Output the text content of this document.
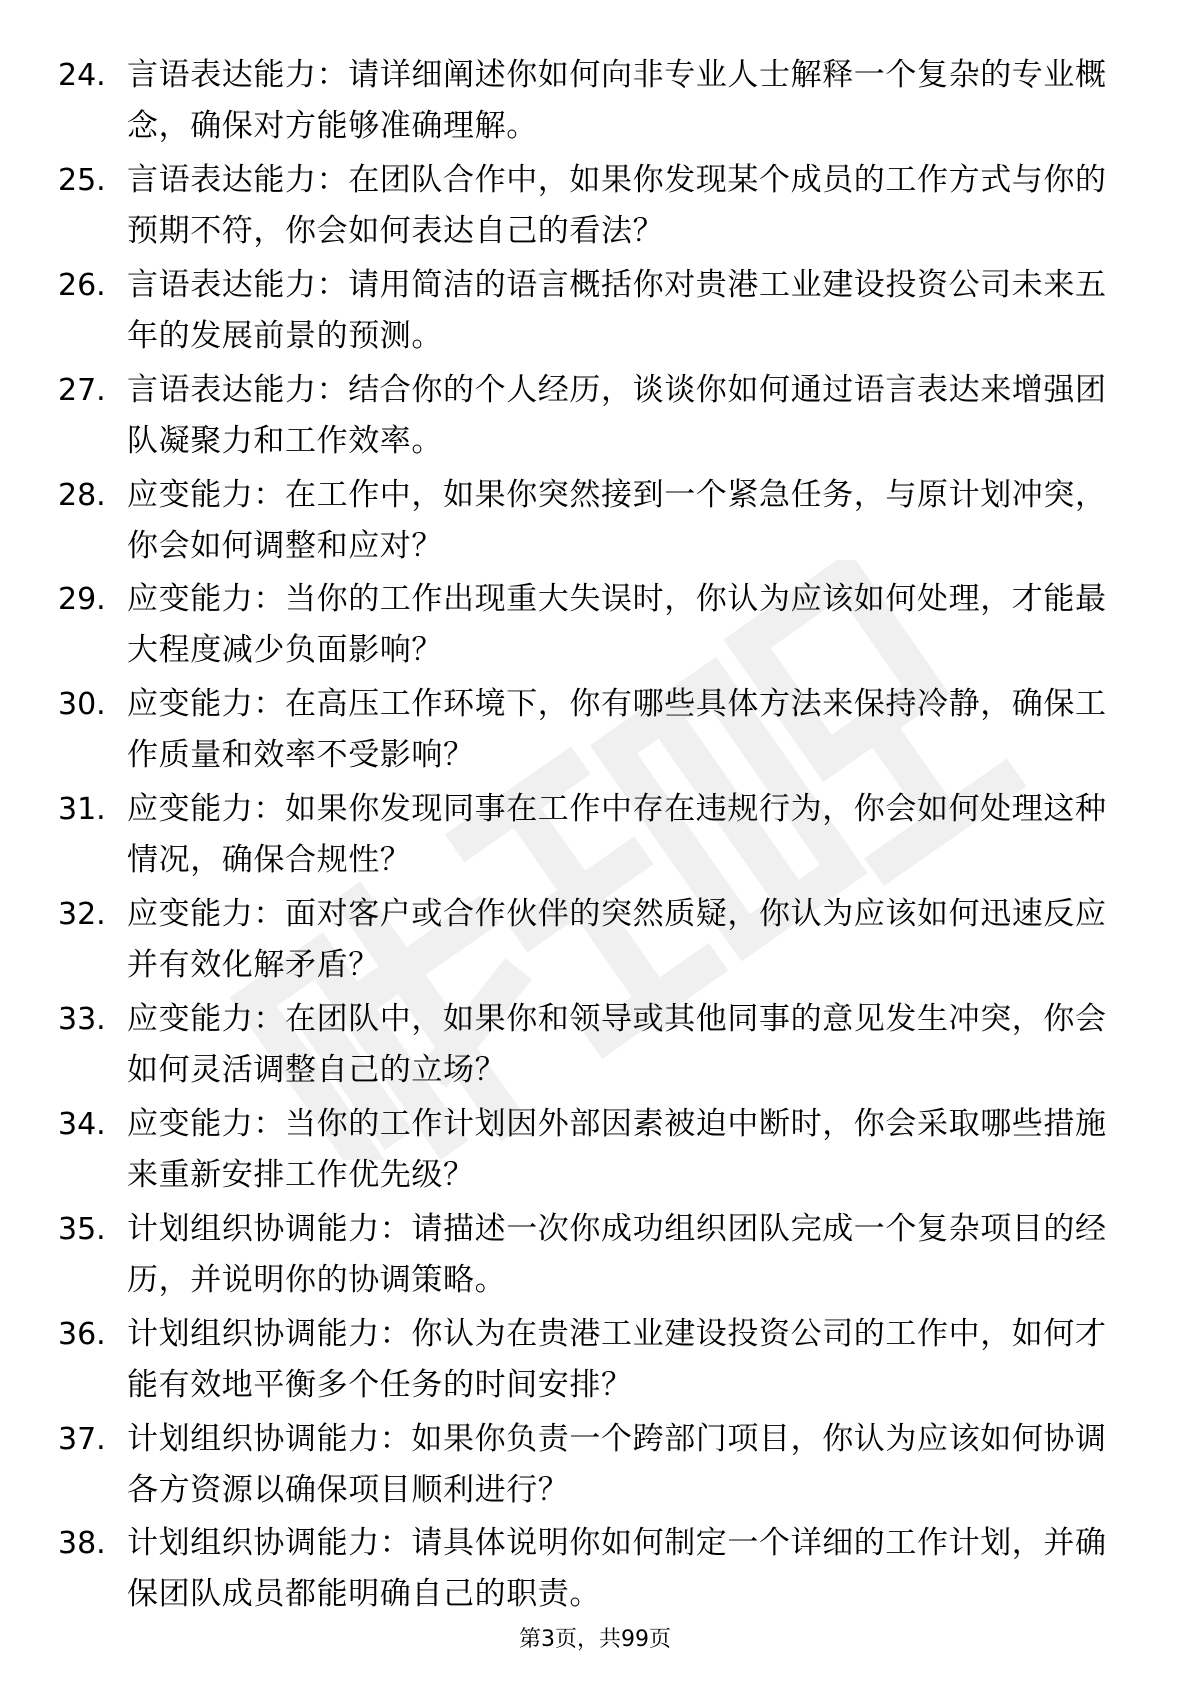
24. 言语表达能力：请详细阐述你如何向非专业人士解释一个复杂的专业概念，确保对方能够准确理解。
25. 言语表达能力：在团队合作中，如果你发现某个成员的工作方式与你的预期不符，你会如何表达自己的看法？
26. 言语表达能力：请用简洁的语言概括你对贵港工业建设投资公司未来五年的发展前景的预测。
27. 言语表达能力：结合你的个人经历，谈谈你如何通过语言表达来增强团队凝聚力和工作效率。
28. 应变能力：在工作中，如果你突然接到一个紧急任务，与原计划冲突，你会如何调整和应对？
29. 应变能力：当你的工作出现重大失误时，你认为应该如何处理，才能最大程度减少负面影响？
30. 应变能力：在高压工作环境下，你有哪些具体方法来保持冷静，确保工作质量和效率不受影响？
31. 应变能力：如果你发现同事在工作中存在违规行为，你会如何处理这种情况，确保合规性？
32. 应变能力：面对客户或合作伙伴的突然质疑，你认为应该如何迅速反应并有效化解矛盾？
33. 应变能力：在团队中，如果你和领导或其他同事的意见发生冲突，你会如何灵活调整自己的立场？
34. 应变能力：当你的工作计划因外部因素被迫中断时，你会采取哪些措施来重新安排工作优先级？
35. 计划组织协调能力：请描述一次你成功组织团队完成一个复杂项目的经历，并说明你的协调策略。
36. 计划组织协调能力：你认为在贵港工业建设投资公司的工作中，如何才能有效地平衡多个任务的时间安排？
37. 计划组织协调能力：如果你负责一个跨部门项目，你认为应该如何协调各方资源以确保项目顺利进行？
38. 计划组织协调能力：请具体说明你如何制定一个详细的工作计划，并确保团队成员都能明确自己的职责。
第3页，共99页
